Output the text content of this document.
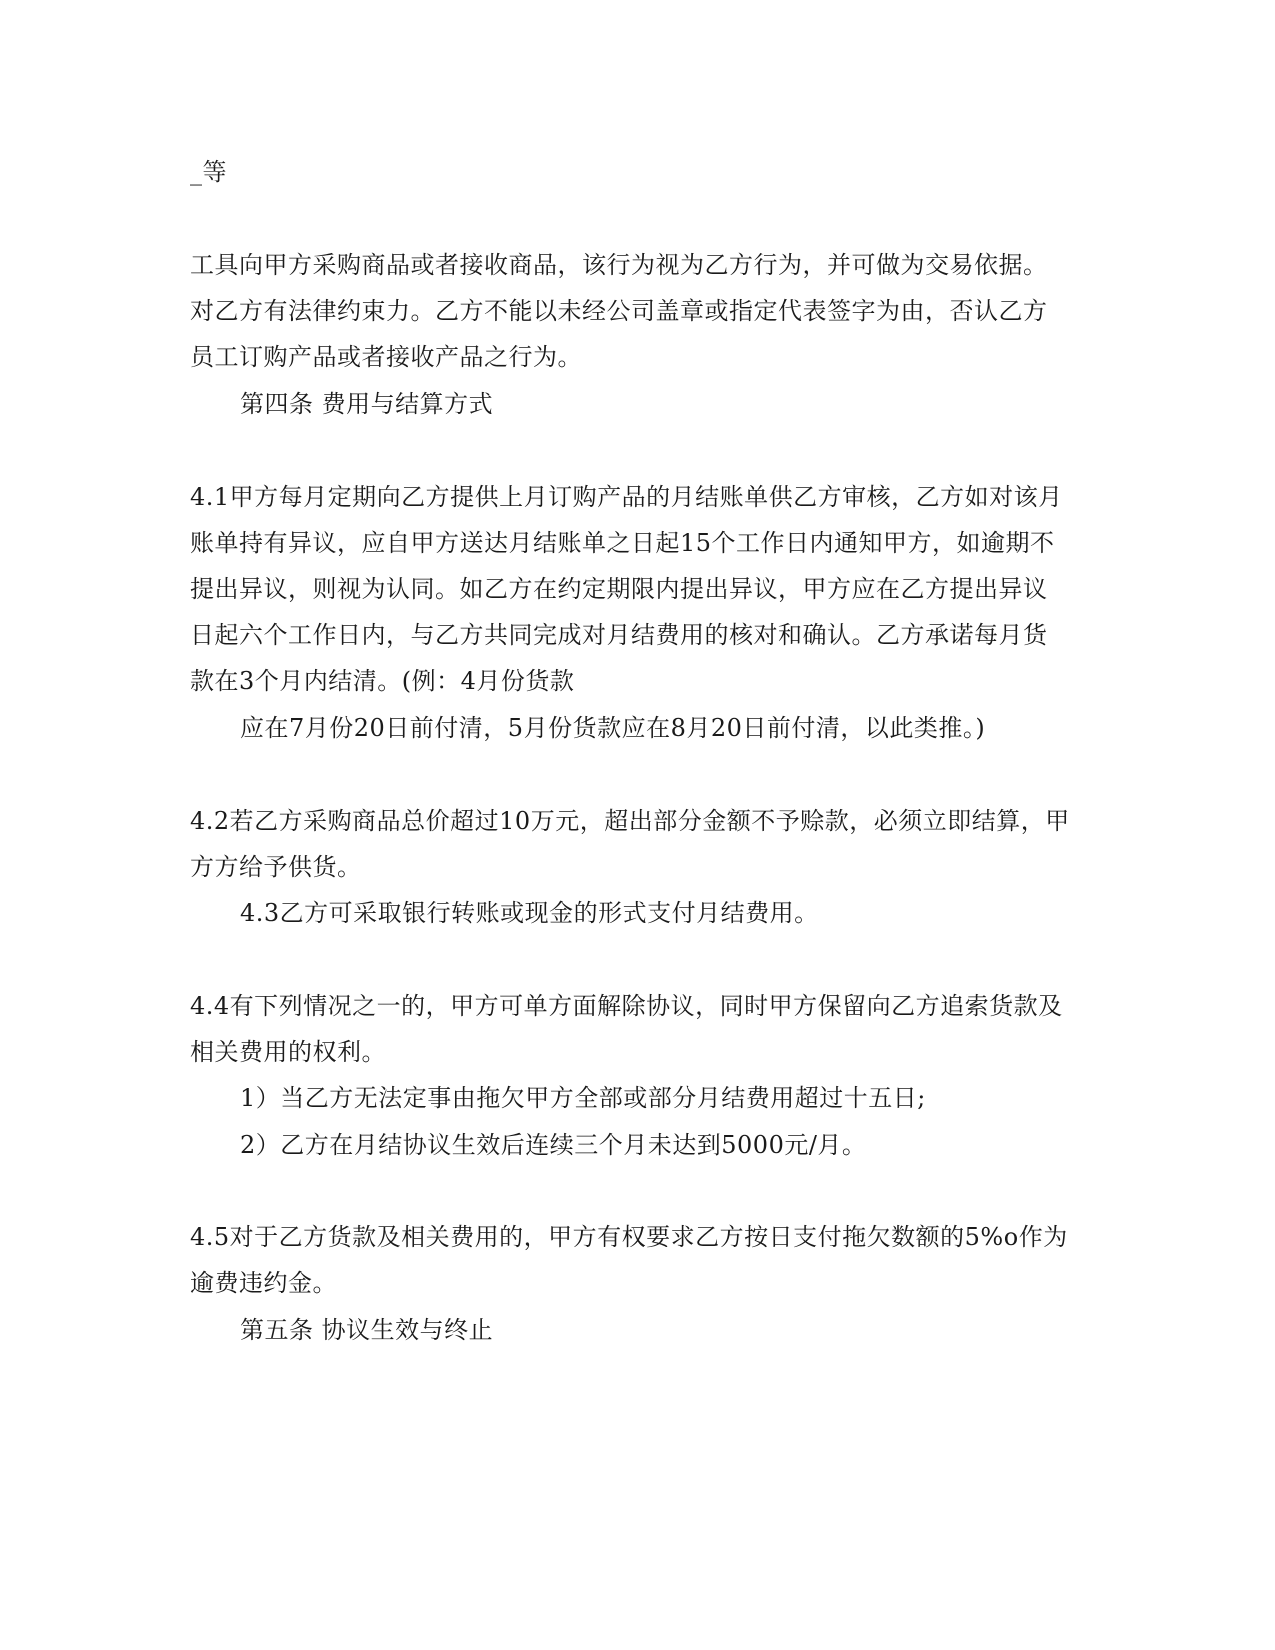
_等
工具向甲方采购商品或者接收商品，该行为视为乙方行为，并可做为交易依据。
对乙方有法律约束力。乙方不能以未经公司盖章或指定代表签字为由，否认乙方
员工订购产品或者接收产品之行为。
第四条 费用与结算方式
4.1甲方每月定期向乙方提供上月订购产品的月结账单供乙方审核，乙方如对该月
账单持有异议，应自甲方送达月结账单之日起15个工作日内通知甲方，如逾期不
提出异议，则视为认同。如乙方在约定期限内提出异议，甲方应在乙方提出异议
日起六个工作日内，与乙方共同完成对月结费用的核对和确认。乙方承诺每月货
款在3个月内结清。(例：4月份货款
应在7月份20日前付清，5月份货款应在8月20日前付清，以此类推。)
4.2若乙方采购商品总价超过10万元，超出部分金额不予赊款，必须立即结算，甲
方方给予供货。
4.3乙方可采取银行转账或现金的形式支付月结费用。
4.4有下列情况之一的，甲方可单方面解除协议，同时甲方保留向乙方追索货款及
相关费用的权利。
1）当乙方无法定事由拖欠甲方全部或部分月结费用超过十五日;
2）乙方在月结协议生效后连续三个月未达到5000元/月。
4.5对于乙方货款及相关费用的，甲方有权要求乙方按日支付拖欠数额的5%o作为
逾费违约金。
第五条 协议生效与终止
